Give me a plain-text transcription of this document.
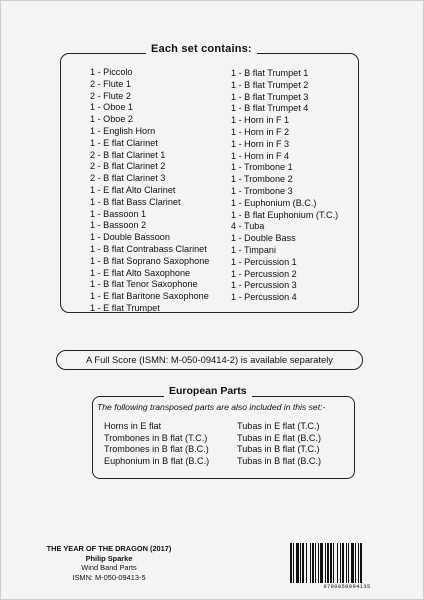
Each set contains:
1 - Piccolo
2 - Flute 1
2 - Flute 2
1 - Oboe 1
1 - Oboe 2
1 - English Horn
1 - E flat Clarinet
2 - B flat Clarinet 1
2 - B flat Clarinet 2
2 - B flat Clarinet 3
1 - E flat Alto Clarinet
1 - B flat Bass Clarinet
1 - Bassoon 1
1 - Bassoon 2
1 - Double Bassoon
1 - B flat Contrabass Clarinet
1 - B flat Soprano Saxophone
1 - E flat Alto Saxophone
1 - B flat Tenor Saxophone
1 - E flat Baritone Saxophone
1 - E flat Trumpet
1 - B flat Trumpet 1
1 - B flat Trumpet 2
1 - B flat Trumpet 3
1 - B flat Trumpet 4
1 - Horn in F 1
1 - Horn in F 2
1 - Horn in F 3
1 - Horn in F 4
1 - Trombone 1
1 - Trombone 2
1 - Trombone 3
1 - Euphonium (B.C.)
1 - B flat Euphonium (T.C.)
4 - Tuba
1 - Double Bass
1 - Timpani
1 - Percussion 1
1 - Percussion 2
1 - Percussion 3
1 - Percussion 4
A Full Score (ISMN: M-050-09414-2) is available separately
European Parts
The following transposed parts are also included in this set:-
Horns in E flat
Trombones in B flat (T.C.)
Trombones in B flat (B.C.)
Euphonium in B flat (B.C.)
Tubas in E flat (T.C.)
Tubas in E flat (B.C.)
Tubas in B flat (T.C.)
Tubas in B flat (B.C.)
THE YEAR OF THE DRAGON (2017)
Philip Sparke
Wind Band Parts
ISMN: M-050-09413-5
9790050094135
